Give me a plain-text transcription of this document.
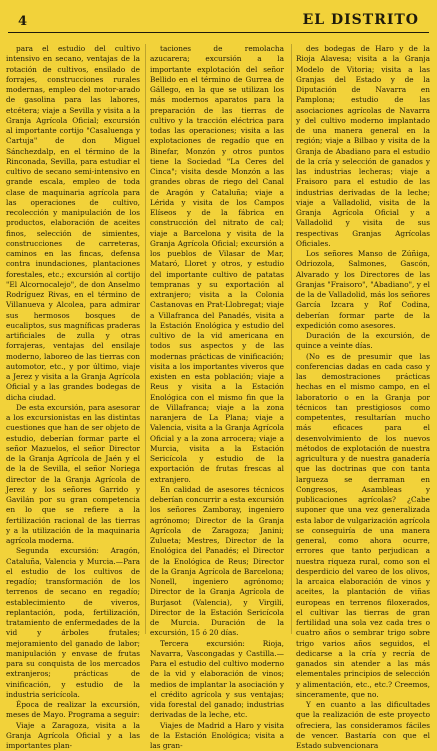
4	EL DISTRITO

para el estudio del cultivo intensivo en secano, ventajas de la rotación de cultivos, ensilado de forrajes, construcciones rurales modernas, empleo del motor-arado de gasolina para las labores, etcétera; viaje a Sevilla y visita a la Granja Agrícola Oficial; excursión al importante cortijo "Casaluenga y Cartuja" de don Miguel Sánchezdalp, en el término de la Rinconada, Sevilla, para estudiar el cultivo de secano semi-intensivo en grande escala, empleo de toda clase de maquinaria agrícola para las operaciones de cultivo, recolección y manipulación de los productos, elaboración de aceites finos, selección de simientes, construcciones de carreteras, caminos en las fincas, defensa contra inundaciones, plantaciones forestales, etc.; excursión al cortijo "El Alcornocalejo", de don Anselmo Rodríguez Rivas, en el término de Villanueva y Alcolea, para admirar sus hermosos bosques de eucaliptos, sus magníficas praderas artificiales de zulla y otras forrajeras, ventajas del ensilaje moderno, laboreo de las tierras con automotor, etc., y por último, viaje a Jerez y visita a la Granja Agrícola Oficial y a las grandes bodegas de dicha ciudad.

De esta excursión, para asesorar a los excursionistas en las distintas cuestiones que han de ser objeto de estudio, deberían formar parte el señor Mazuelos, el señor Director de la Granja Agrícola de Jaén y el de la de Sevilla, el señor Noriega director de la Granja Agrícola de Jerez y los señores Garrido y Gavilán por su gran competencia en lo que se refiere a la fertilización racional de las tierras y a la utilización de la maquinaria agrícola moderna.

Segunda excursión: Aragón, Cataluña, Valencia y Murcia.—Para el estudio de los cultivos de regadío; transformación de los terrenos de secano en regadío; establecimiento de viveros, replantación, poda, fertilización, tratamiento de enfermedades de la vid y árboles frutales; mejoramiento del ganado de labor; manipulación y envase de frutas para su conquista de los mercados extranjeros; prácticas de vinificación, y estudio de la industria sericícola.

Época de realizar la excursión, meses de Mayo. Programa a seguir:

Viaje a Zaragoza, visita a la Granja Agrícola Oficial y a las importantes plan-

taciones de remolacha azucarera; excursión a la importante explotación del señor Bellido en el término de Gurrea de Gállego, en la que se utilizan los más modernos aparatos para la preparación de las tierras de cultivo y la tracción eléctrica para todas las operaciones; visita a las explotaciones de regadío que en Binefar, Monzón y otros puntos tiene la Sociedad "La Ceres del Cinca"; visita desde Monzón a las grandes obras de riego del Canal de Aragón y Cataluña; viaje a Lérida y visita de los Campos Elíseos y de la fábrica en construcción del nitrato de cal; viaje a Barcelona y visita de la Granja Agrícola Oficial; excursión a los pueblos de Vilasar de Mar, Mataró, Lloret y otros, y estudio del importante cultivo de patatas tempranas y su exportación al extranjero; visita a la Colonia Castanovas en Prat-Llobregat; viaje a Villafranca del Panadés, visita a la Estación Enológica y estudio del cultivo de la vid americana en todos sus aspectos y de las modernas prácticas de vinificación; visita a los importantes viveros que existen en esta población; viaje a Reus y visita a la Estación Enológica con el mismo fin que la de Villafranca; viaje a la zona naranjera de La Plana; viaje a Valencia, visita a la Granja Agrícola Oficial y a la zona arrocera; viaje a Murcia, visita a la Estación Sericícola y estudio de la exportación de frutas frescas al extranjero.

En calidad de asesores técnicos deberían concurrir a esta excursión los señores Zamboray, ingeniero agrónomo; Director de la Granja Agrícola de Zaragoza; Janini; Zulueta; Mestres, Director de la Enológica del Panadés; el Director de la Enológica de Reus; Director de la Granja Agrícola de Barcelona; Nonell, ingeniero agrónomo; Director de la Granja Agrícola de Burjasot (Valencia), y Virgili, Director de la Estación Sericícola de Murcia. Duración de la excursión, 15 ó 20 días.

Tercera excursión: Rioja, Navarra, Vascongadas y Castilla.—Para el estudio del cultivo moderno de la vid y elaboración de vinos; medios de implantar la asociación y el crédito agrícola y sus ventajas; vida forestal del ganado; industrias derivadas de la leche, etc.

Viajes de Madrid a Haro y visita de la Estación Enológica; visita a las gran-

des bodegas de Haro y de la Rioja Alavesa; visita a la Granja Modelo de Vitoria; visita a las Granjas del Estado y de la Diputación de Navarra en Pamplona; estudio de las asociaciones agrícolas de Navarra y del cultivo moderno implantado de una manera general en la región; viaje a Bilbao y visita de la Granja de Abadiano para el estudio de la cría y selección de ganados y las industrias lecheras; viaje a Fraisoro para el estudio de las industrias derivadas de la leche; viaje a Valladolid, visita de la Granja Agrícola Oficial y a Valladolid y visita de sus respectivas Granjas Agrícolas Oficiales.

Los señores Manso de Zúñiga, Odriozola, Salmones, Gascón, Alvarado y los Directores de las Granjas "Fraisoro", "Abadiano", y el de la de Valladolid, más los señores García Izcara y Rof Codina, deberían formar parte de la expedición como asesores.

Duración de la excursión, de quince a veinte días.

(No es de presumir que las conferencias dadas en cada caso y las demostraciones prácticas hechas en el mismo campo, en el laboratorio o en la Granja por técnicos tan prestigiosos como competentes, resultarían mucho más eficaces para el desenvolvimiento de los nuevos métodos de explotación de nuestra agricultura y de nuestra ganadería que las doctrinas que con tanta largueza se derraman en Congresos, Asambleas y publicaciones agrícolas? ¿Cabe suponer que una vez generalizada esta labor de vulgarización agrícola se conseguiría de una manera general, como ahora ocurre, errores que tanto perjudican a nuestra riqueza rural, como son el desperdicio del vareo de los olivos, la arcaica elaboración de vinos y aceites, la plantación de viñas europeas en terrenos filoxerados, el cultivar las tierras de gran fertilidad una sola vez cada tres o cuatro años o sembrar trigo sobre trigo varios años seguidos, el dedicarse a la cría y recría de ganados sin atender a las más elementales principios de selección y alimentación, etc., etc.? Creemos, sinceramente, que no.

Y en cuanto a las dificultades que la realización de este proyecto ofreciera, las consideramos fáciles de vencer. Bastaría con que el Estado subvencionara
